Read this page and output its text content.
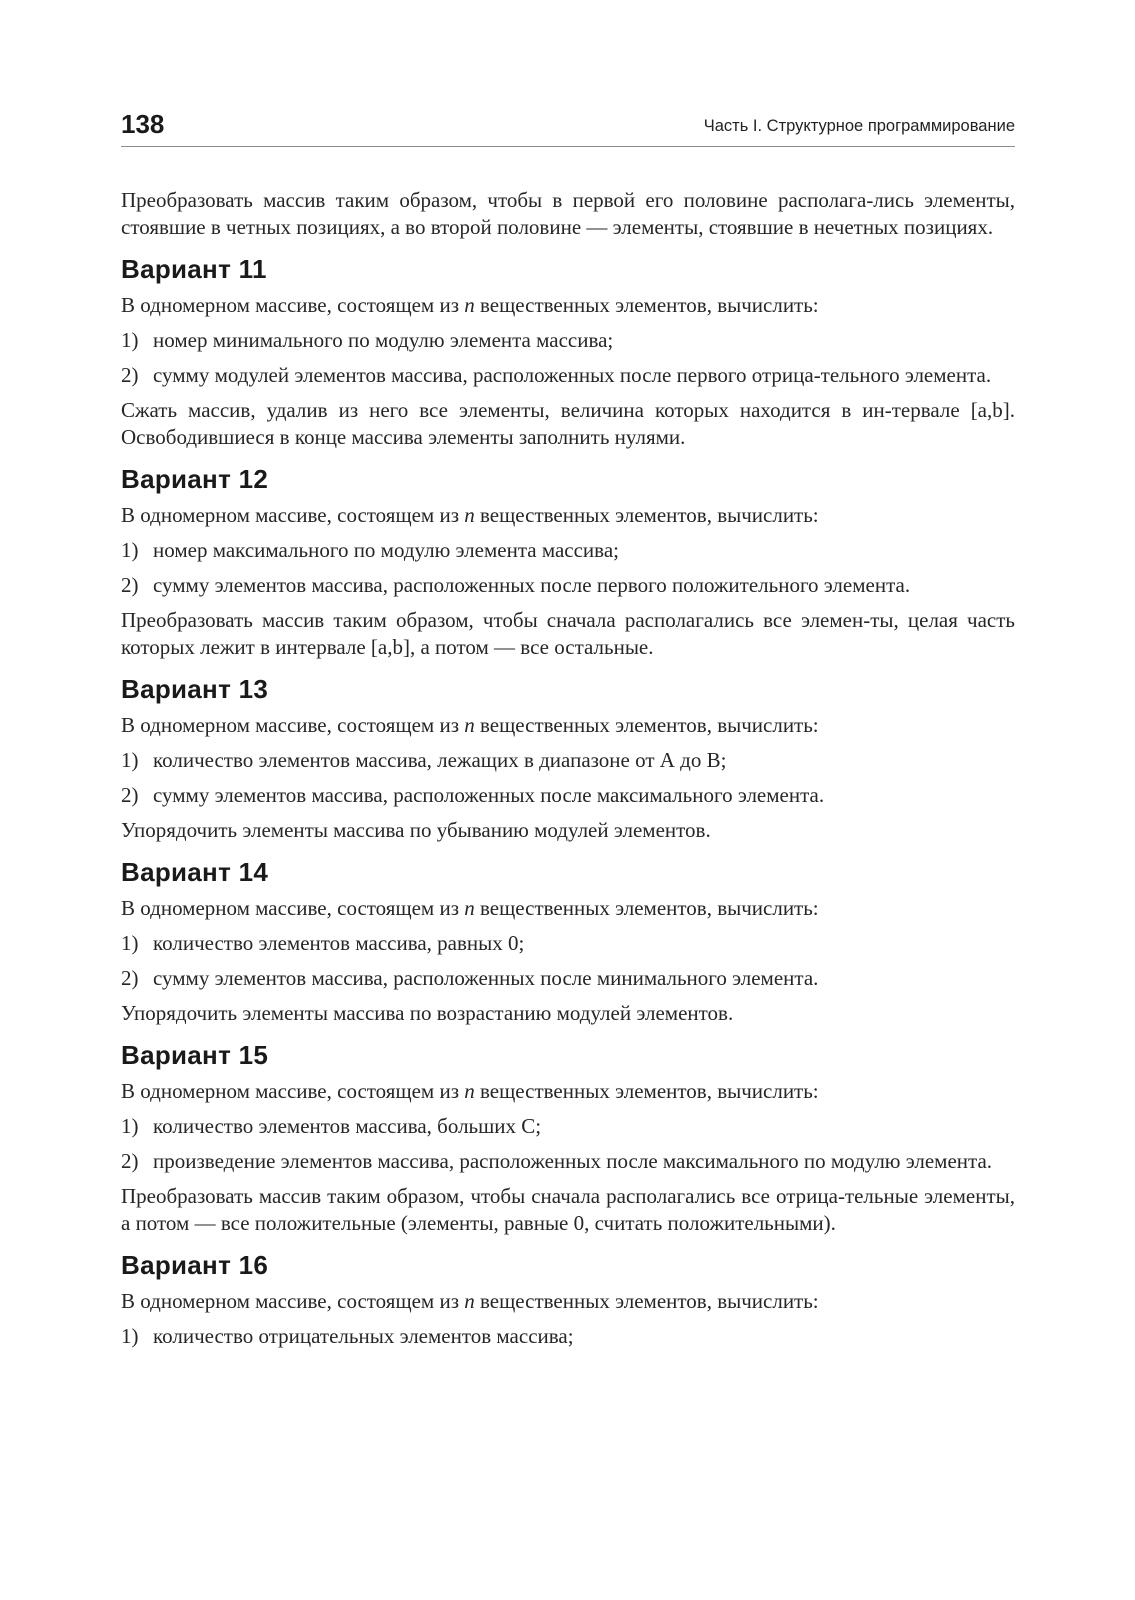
138	Часть I. Структурное программирование

Преобразовать массив таким образом, чтобы в первой его половине располага-лись элементы, стоявшие в четных позициях, а во второй половине — элементы, стоявшие в нечетных позициях.

Вариант 11

В одномерном массиве, состоящем из n вещественных элементов, вычислить:

1) номер минимального по модулю элемента массива;
2) сумму модулей элементов массива, расположенных после первого отрица-тельного элемента.

Сжать массив, удалив из него все элементы, величина которых находится в ин-тервале [a,b]. Освободившиеся в конце массива элементы заполнить нулями.

Вариант 12

В одномерном массиве, состоящем из n вещественных элементов, вычислить:

1) номер максимального по модулю элемента массива;
2) сумму элементов массива, расположенных после первого положительного элемента.

Преобразовать массив таким образом, чтобы сначала располагались все элемен-ты, целая часть которых лежит в интервале [a,b], а потом — все остальные.

Вариант 13

В одномерном массиве, состоящем из n вещественных элементов, вычислить:

1) количество элементов массива, лежащих в диапазоне от А до В;
2) сумму элементов массива, расположенных после максимального элемента.

Упорядочить элементы массива по убыванию модулей элементов.

Вариант 14

В одномерном массиве, состоящем из n вещественных элементов, вычислить:

1) количество элементов массива, равных 0;
2) сумму элементов массива, расположенных после минимального элемента.

Упорядочить элементы массива по возрастанию модулей элементов.

Вариант 15

В одномерном массиве, состоящем из n вещественных элементов, вычислить:

1) количество элементов массива, больших С;
2) произведение элементов массива, расположенных после максимального по модулю элемента.

Преобразовать массив таким образом, чтобы сначала располагались все отрица-тельные элементы, а потом — все положительные (элементы, равные 0, считать положительными).

Вариант 16

В одномерном массиве, состоящем из n вещественных элементов, вычислить:

1) количество отрицательных элементов массива;
